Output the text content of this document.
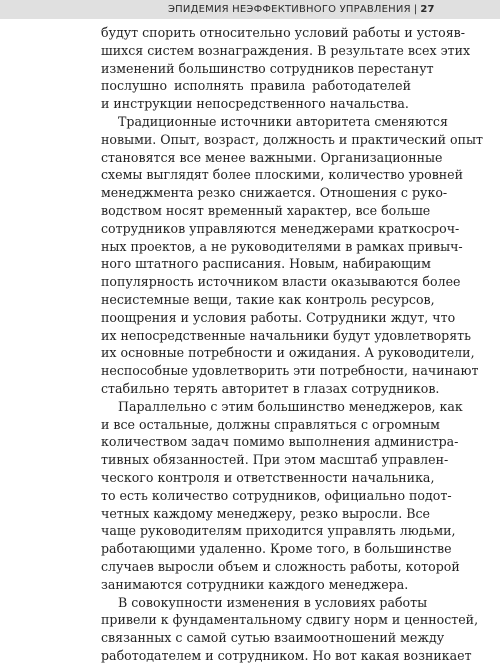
ЭПИДЕМИЯ НЕЭФФЕКТИВНОГО УПРАВЛЕНИЯ | 27
будут спорить относительно условий работы и устояв-
шихся систем вознаграждения. В результате всех этих
изменений большинство сотрудников перестанут
послушно исполнять правила работодателей
и инструкции непосредственного начальства.
Традиционные источники авторитета сменяются
новыми. Опыт, возраст, должность и практический опыт
становятся все менее важными. Организационные
схемы выглядят более плоскими, количество уровней
менеджмента резко снижается. Отношения с руко-
водством носят временный характер, все больше
сотрудников управляются менеджерами краткосроч-
ных проектов, а не руководителями в рамках привыч-
ного штатного расписания. Новым, набирающим
популярность источником власти оказываются более
несистемные вещи, такие как контроль ресурсов,
поощрения и условия работы. Сотрудники ждут, что
их непосредственные начальники будут удовлетворять
их основные потребности и ожидания. А руководители,
неспособные удовлетворить эти потребности, начинают
стабильно терять авторитет в глазах сотрудников.
Параллельно с этим большинство менеджеров, как
и все остальные, должны справляться с огромным
количеством задач помимо выполнения администра-
тивных обязанностей. При этом масштаб управлен-
ческого контроля и ответственности начальника,
то есть количество сотрудников, официально подот-
четных каждому менеджеру, резко выросли. Все
чаще руководителям приходится управлять людьми,
работающими удаленно. Кроме того, в большинстве
случаев выросли объем и сложность работы, которой
занимаются сотрудники каждого менеджера.
В совокупности изменения в условиях работы
привели к фундаментальному сдвигу норм и ценностей,
связанных с самой сутью взаимоотношений между
работодателем и сотрудником. Но вот какая возникает
